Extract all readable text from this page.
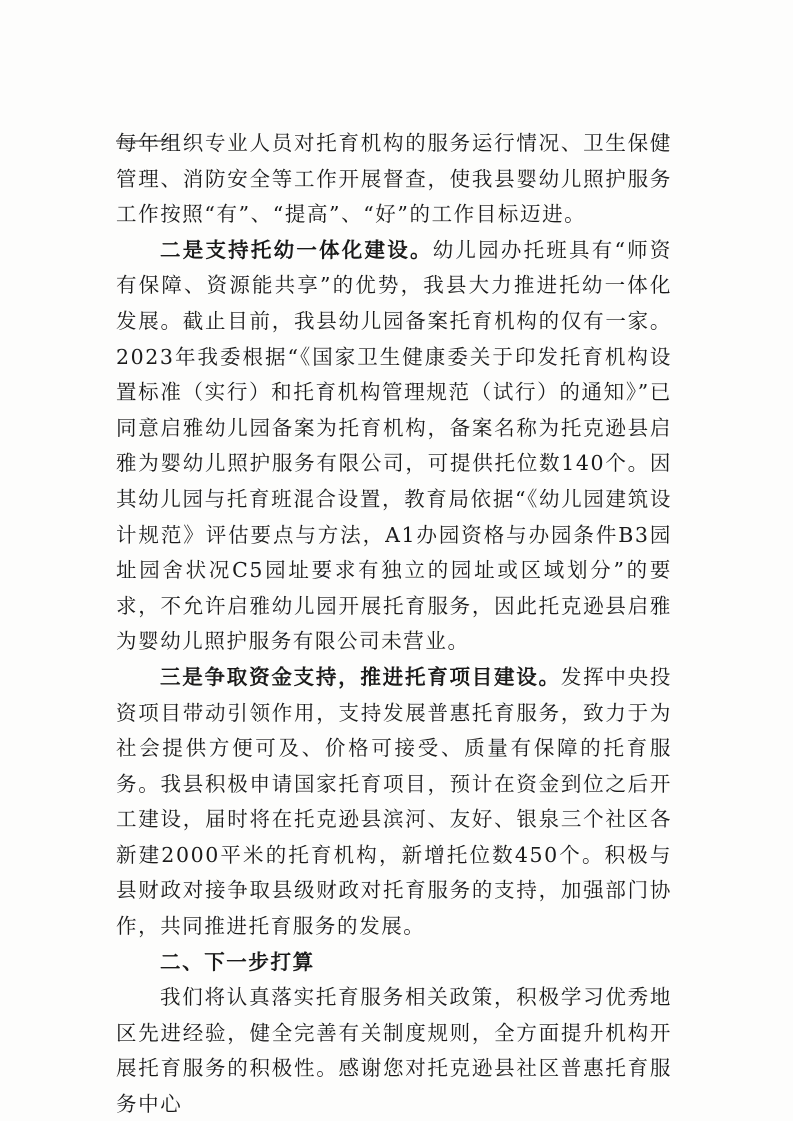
每年组织专业人员对托育机构的服务运行情况、卫生保健管理、消防安全等工作开展督查，使我县婴幼儿照护服务工作按照“有”、“提高”、“好”的工作目标迈进。

二是支持托幼一体化建设。幼儿园办托班具有“师资有保障、资源能共享”的优势，我县大力推进托幼一体化发展。截止目前，我县幼儿园备案托育机构的仅有一家。2023年我委根据“《国家卫生健康委关于印发托育机构设置标准（实行）和托育机构管理规范（试行）的通知》”已同意启雅幼儿园备案为托育机构，备案名称为托克逊县启雅为婴幼儿照护服务有限公司，可提供托位数140个。因其幼儿园与托育班混合设置，教育局依据“《幼儿园建筑设计规范》评估要点与方法，A1办园资格与办园条件B3园址园舍状况C5园址要求有独立的园址或区域划分”的要求，不允许启雅幼儿园开展托育服务，因此托克逊县启雅为婴幼儿照护服务有限公司未营业。

三是争取资金支持，推进托育项目建设。发挥中央投资项目带动引领作用，支持发展普惠托育服务，致力于为社会提供方便可及、价格可接受、质量有保障的托育服务。我县积极申请国家托育项目，预计在资金到位之后开工建设，届时将在托克逊县滨河、友好、银泉三个社区各新建2000平米的托育机构，新增托位数450个。积极与县财政对接争取县级财政对托育服务的支持，加强部门协作，共同推进托育服务的发展。

二、下一步打算

我们将认真落实托育服务相关政策，积极学习优秀地区先进经验，健全完善有关制度规则，全方面提升机构开展托育服务的积极性。感谢您对托克逊县社区普惠托育服务中心
